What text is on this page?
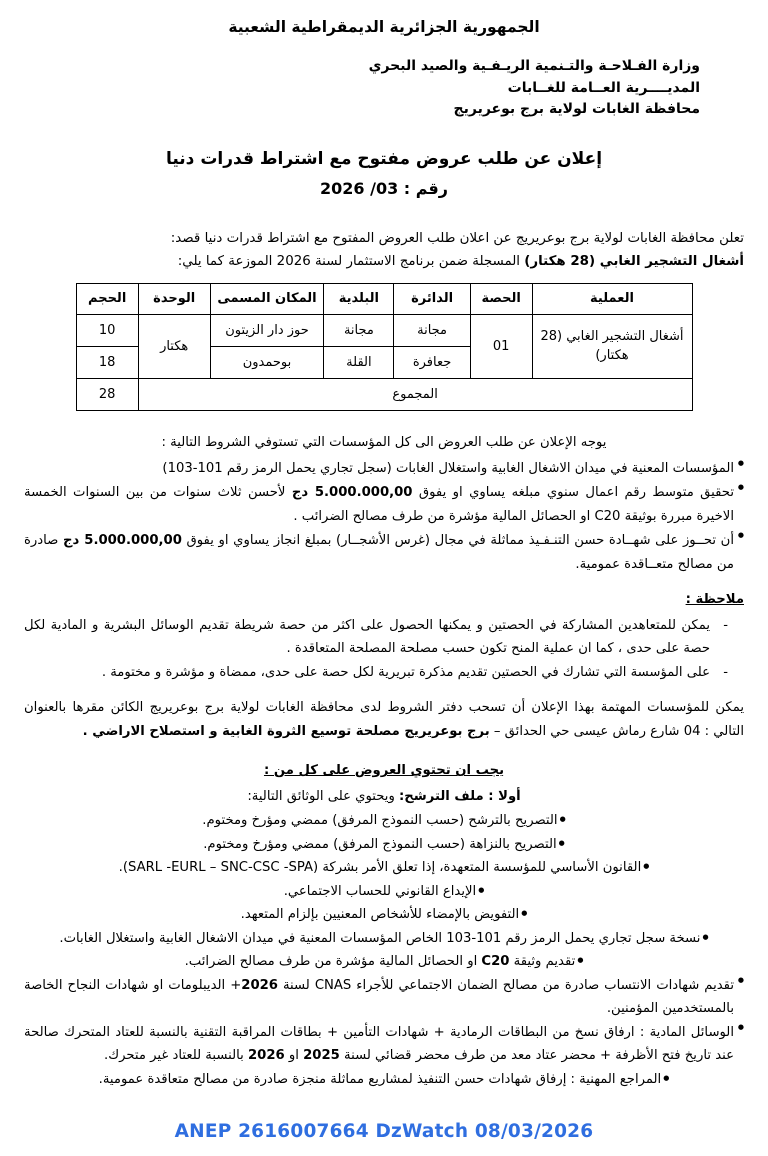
الجمهورية الجزائرية الديمقراطية الشعبية
وزارة الفـلاحـة والتـنمية الريـفـية والصيد البحري
المديــــرية العــامة للغــابات
محافظة الغابات لولاية برج بوعريريج
إعلان عن طلب عروض مفتوح مع اشتراط قدرات دنيا
رقم : 03/ 2026
تعلن محافظة الغابات لولاية برج بوعريريج عن اعلان طلب العروض المفتوح مع اشتراط قدرات دنيا قصد:
أشغال التشجير الغابي (28 هكتار) المسجلة ضمن برنامج الاستثمار لسنة 2026 الموزعة كما يلي:
العملية	الحصة	الدائرة	البلدية	المكان المسمى	الوحدة	الحجم
أشغال التشجير الغابي (28 هكتار)	01	مجانة	مجانة	حوز دار الزيتون	هكتار	10
		جعافرة	القلة	بوحمدون		18
المجموع						28
يوجه الإعلان عن طلب العروض الى كل المؤسسات التي تستوفي الشروط التالية :
● المؤسسات المعنية في ميدان الاشغال الغابية واستغلال الغابات (سجل تجاري يحمل الرمز رقم 101-103)
● تحقيق متوسط رقم اعمال سنوي مبلغه يساوي او يفوق 5.000.000,00 دج لأحسن ثلاث سنوات من بين السنوات الخمسة الاخيرة مبررة بوثيقة C20 او الحصائل المالية مؤشرة من طرف مصالح الضرائب .
● أن تحــوز على شهــادة حسن التنـفـيذ مماثلة في مجال (غرس الأشجــار) بمبلغ انجاز يساوي او يفوق 5.000.000,00 دج صادرة من مصالح متعــاقدة عمومية.
ملاحظة :
- يمكن للمتعاهدين المشاركة في الحصتين و يمكنها الحصول على اكثر من حصة شريطة تقديم الوسائل البشرية و المادية لكل حصة على حدى ، كما ان عملية المنح تكون حسب مصلحة المصلحة المتعاقدة .
- على المؤسسة التي تشارك في الحصتين تقديم مذكرة تبريرية لكل حصة على حدى، ممضاة و مؤشرة و مختومة .
يمكن للمؤسسات المهتمة بهذا الإعلان أن تسحب دفتر الشروط لدى محافظة الغابات لولاية برج بوعريريج الكائن مقرها بالعنوان التالي : 04 شارع رماش عيسى حي الحدائق – برج بوعريريج مصلحة توسيع الثروة الغابية و استصلاح الاراضي .
يجب ان تحتوي العروض على كل من :
أولا : ملف الترشح: ويحتوي على الوثائق التالية:
●التصريح بالترشح (حسب النموذج المرفق) ممضي ومؤرخ ومختوم.
●التصريح بالنزاهة (حسب النموذج المرفق) ممضي ومؤرخ ومختوم.
●القانون الأساسي للمؤسسة المتعهدة، إذا تعلق الأمر بشركة (SARL -EURL – SNC-CSC -SPA).
●الإيداع القانوني للحساب الاجتماعي.
●التفويض بالإمضاء للأشخاص المعنيين بإلزام المتعهد.
●نسخة سجل تجاري يحمل الرمز رقم 101-103 الخاص المؤسسات المعنية في ميدان الاشغال الغابية واستغلال الغابات.
●تقديم وثيقة C20 او الحصائل المالية مؤشرة من طرف مصالح الضرائب.
● تقديم شهادات الانتساب صادرة من مصالح الضمان الاجتماعي للأجراء CNAS لسنة 2026+ الديبلومات او شهادات النجاح الخاصة بالمستخدمين المؤمنين.
● الوسائل المادية : ارفاق نسخ من البطاقات الرمادية + شهادات التأمين + بطاقات المراقبة التقنية بالنسبة للعتاد المتحرك صالحة عند تاريخ فتح الأظرفة + محضر عتاد معد من طرف محضر قضائي لسنة 2025 او 2026 بالنسبة للعتاد غير متحرك.
●المراجع المهنية : إرفاق شهادات حسن التنفيذ لمشاريع مماثلة منجزة صادرة من مصالح متعاقدة عمومية.
ANEP 2616007664 DzWatch 08/03/2026
